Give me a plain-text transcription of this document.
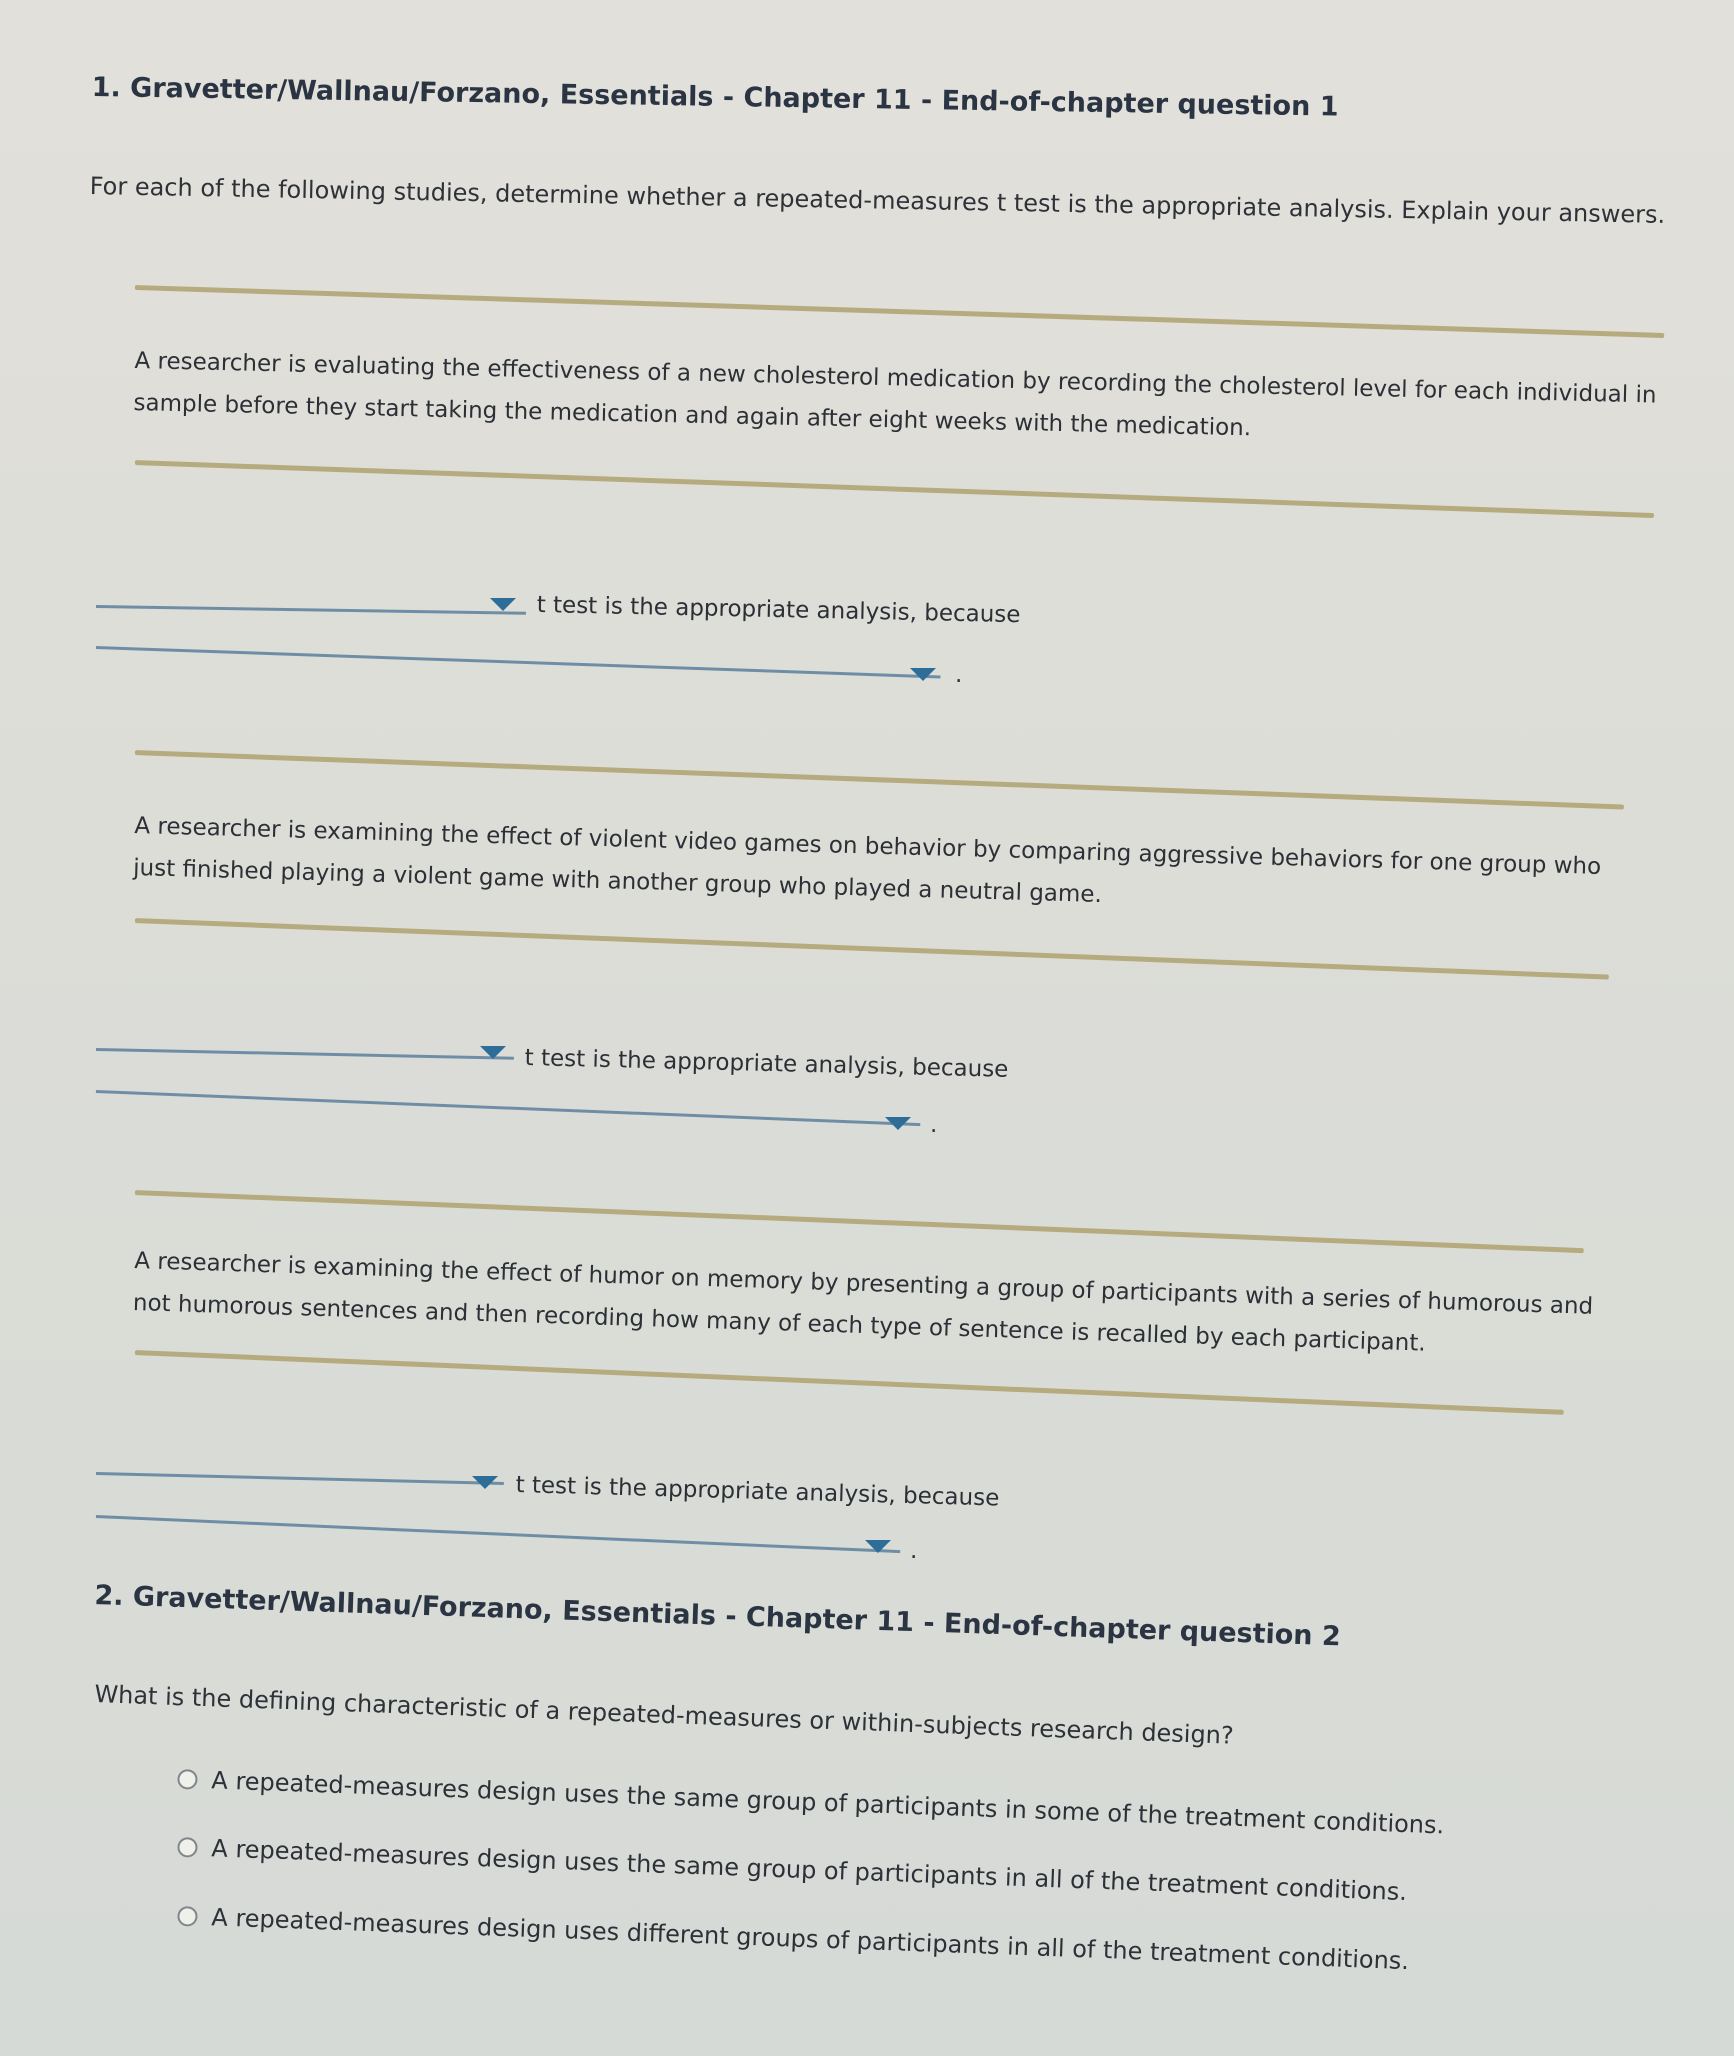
1. Gravetter/Wallnau/Forzano, Essentials - Chapter 11 - End-of-chapter question 1
For each of the following studies, determine whether a repeated-measures t test is the appropriate analysis. Explain your answers.
A researcher is evaluating the effectiveness of a new cholesterol medication by recording the cholesterol level for each individual in sample before they start taking the medication and again after eight weeks with the medication.
t test is the appropriate analysis, because
.
A researcher is examining the effect of violent video games on behavior by comparing aggressive behaviors for one group who just finished playing a violent game with another group who played a neutral game.
t test is the appropriate analysis, because
.
A researcher is examining the effect of humor on memory by presenting a group of participants with a series of humorous and not humorous sentences and then recording how many of each type of sentence is recalled by each participant.
t test is the appropriate analysis, because
.
2. Gravetter/Wallnau/Forzano, Essentials - Chapter 11 - End-of-chapter question 2
What is the defining characteristic of a repeated-measures or within-subjects research design?
A repeated-measures design uses the same group of participants in some of the treatment conditions.
A repeated-measures design uses the same group of participants in all of the treatment conditions.
A repeated-measures design uses different groups of participants in all of the treatment conditions.
